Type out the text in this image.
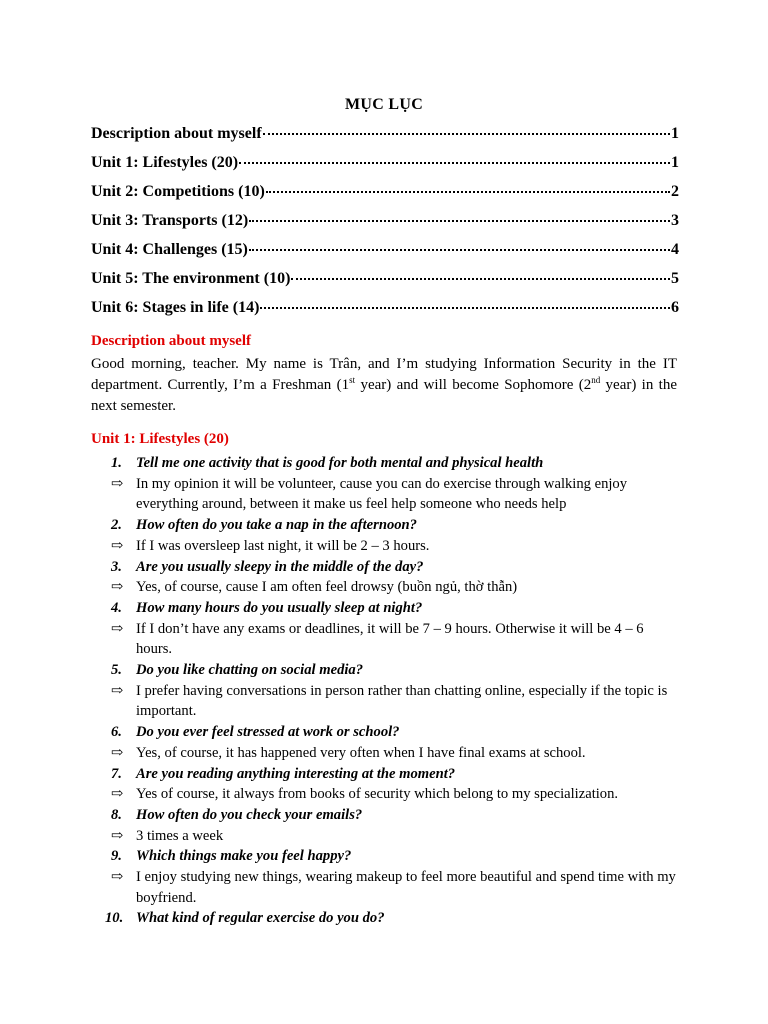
MỤC LỤC
Description about myself	1
Unit 1: Lifestyles (20)	1
Unit 2: Competitions (10)	2
Unit 3: Transports (12)	3
Unit 4: Challenges (15)	4
Unit 5: The environment (10)	5
Unit 6: Stages in life (14)	6
Description about myself
Good morning, teacher. My name is Trân, and I’m studying Information Security in the IT department. Currently, I’m a Freshman (1st year) and will become Sophomore (2nd year) in the next semester.
Unit 1: Lifestyles (20)
1. Tell me one activity that is good for both mental and physical health
⇨ In my opinion it will be volunteer, cause you can do exercise through walking enjoy everything around, between it make us feel help someone who needs help
2. How often do you take a nap in the afternoon?
⇨ If I was oversleep last night, it will be 2 – 3 hours.
3. Are you usually sleepy in the middle of the day?
⇨ Yes, of course, cause I am often feel drowsy (buồn ngủ, thờ thẫn)
4. How many hours do you usually sleep at night?
⇨ If I don’t have any exams or deadlines, it will be 7 – 9 hours. Otherwise it will be 4 – 6 hours.
5. Do you like chatting on social media?
⇨ I prefer having conversations in person rather than chatting online, especially if the topic is important.
6. Do you ever feel stressed at work or school?
⇨ Yes, of course, it has happened very often when I have final exams at school.
7. Are you reading anything interesting at the moment?
⇨ Yes of course, it always from books of security which belong to my specialization.
8. How often do you check your emails?
⇨ 3 times a week
9. Which things make you feel happy?
⇨ I enjoy studying new things, wearing makeup to feel more beautiful and spend time with my boyfriend.
10. What kind of regular exercise do you do?
